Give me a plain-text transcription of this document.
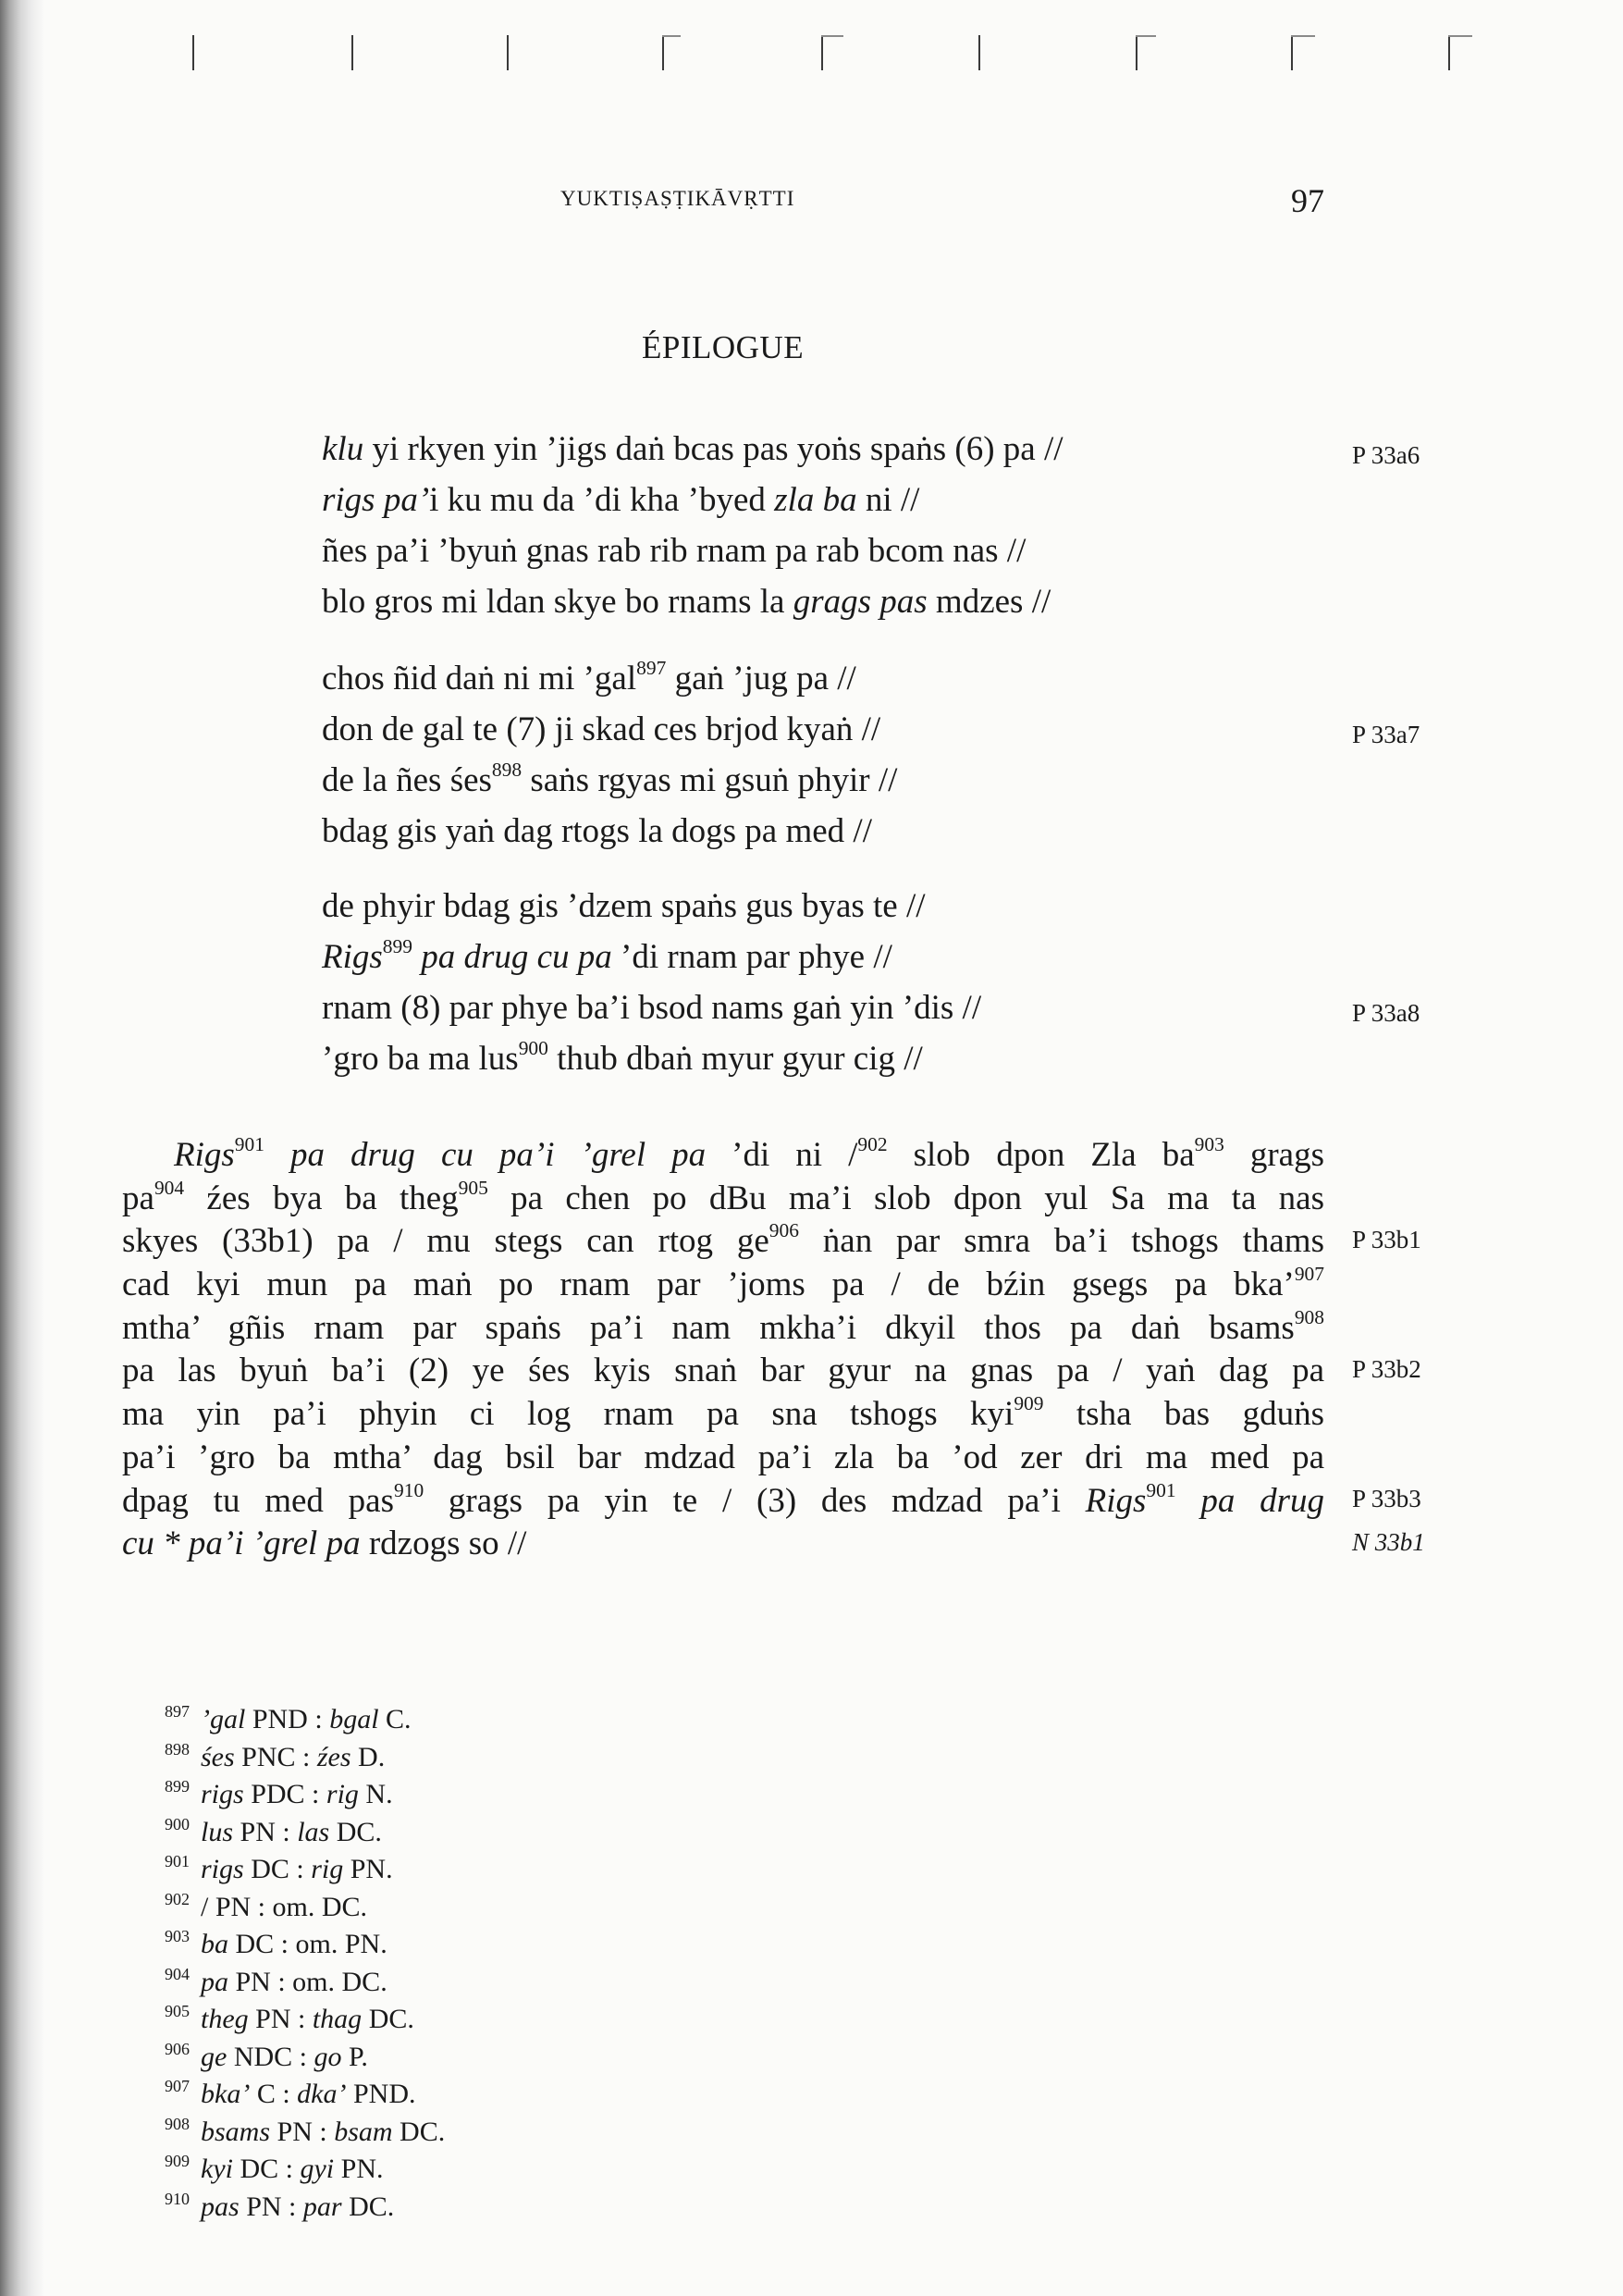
YUKTIṢAṢṬIKĀVṚTTI	97
ÉPILOGUE
klu yi rkyen yin ’jigs daṅ bcas pas yoṅs spaṅs (6) pa //
rigs pa’i ku mu da ’di kha ’byed zla ba ni //
ñes pa’i ’byuṅ gnas rab rib rnam pa rab bcom nas //
blo gros mi ldan skye bo rnams la grags pas mdzes //
chos ñid daṅ ni mi ’gal$^{897}$ gaṅ ’jug pa //
don de gal te (7) ji skad ces brjod kyaṅ //
de la ñes śes$^{898}$ saṅs rgyas mi gsuṅ phyir //
bdag gis yaṅ dag rtogs la dogs pa med //
de phyir bdag gis ’dzem spaṅs gus byas te //
Rigs$^{899}$ pa drug cu pa ’di rnam par phye //
rnam (8) par phye ba’i bsod nams gaṅ yin ’dis //
’gro ba ma lus$^{900}$ thub dbaṅ myur gyur cig //
P 33a6
P 33a7
P 33a8
Rigs$^{901}$ pa drug cu pa’i ’grel pa ’di ni /$^{902}$ slob dpon Zla $ba^{903}$ grags
$pa^{904}$ źes bya ba theg$^{905}$ pa chen po dBu ma’i slob dpon yul Sa ma ta nas
skyes (33b1) pa / mu stegs can rtog $ge^{906}$ ṅan par smra ba’i tshogs thams
cad kyi mun pa maṅ po rnam par ’joms pa / de bźin gsegs pa bka’$^{907}$
mtha’ gñis rnam par spaṅs pa’i nam mkha’i dkyil thos pa daṅ bsams$^{908}$
pa las byuṅ ba’i (2) ye śes kyis snaṅ bar gyur na gnas pa / yaṅ dag pa
ma yin pa’i phyin ci log rnam pa sna tshogs kyi$^{909}$ tsha bas gduṅs
pa’i ’gro ba mtha’ dag bsil bar mdzad pa’i zla ba ’od zer dri ma med pa
dpag tu med pas$^{910}$ grags pa yin te / (3) des mdzad pa’i Rigs$^{901}$ pa drug
cu * pa’i ’grel pa rdzogs so //
P 33b1
P 33b2
P 33b3
N 33b1
$^{897}$ ’gal PND : bgal C.
$^{898}$ śes PNC : źes D.
$^{899}$ rigs PDC : rig N.
$^{900}$ lus PN : las DC.
$^{901}$ rigs DC : rig PN.
$^{902}$ / PN : om. DC.
$^{903}$ ba DC : om. PN.
$^{904}$ pa PN : om. DC.
$^{905}$ theg PN : thag DC.
$^{906}$ ge NDC : go P.
$^{907}$ bka’ C : dka’ PND.
$^{908}$ bsams PN : bsam DC.
$^{909}$ kyi DC : gyi PN.
$^{910}$ pas PN : par DC.
